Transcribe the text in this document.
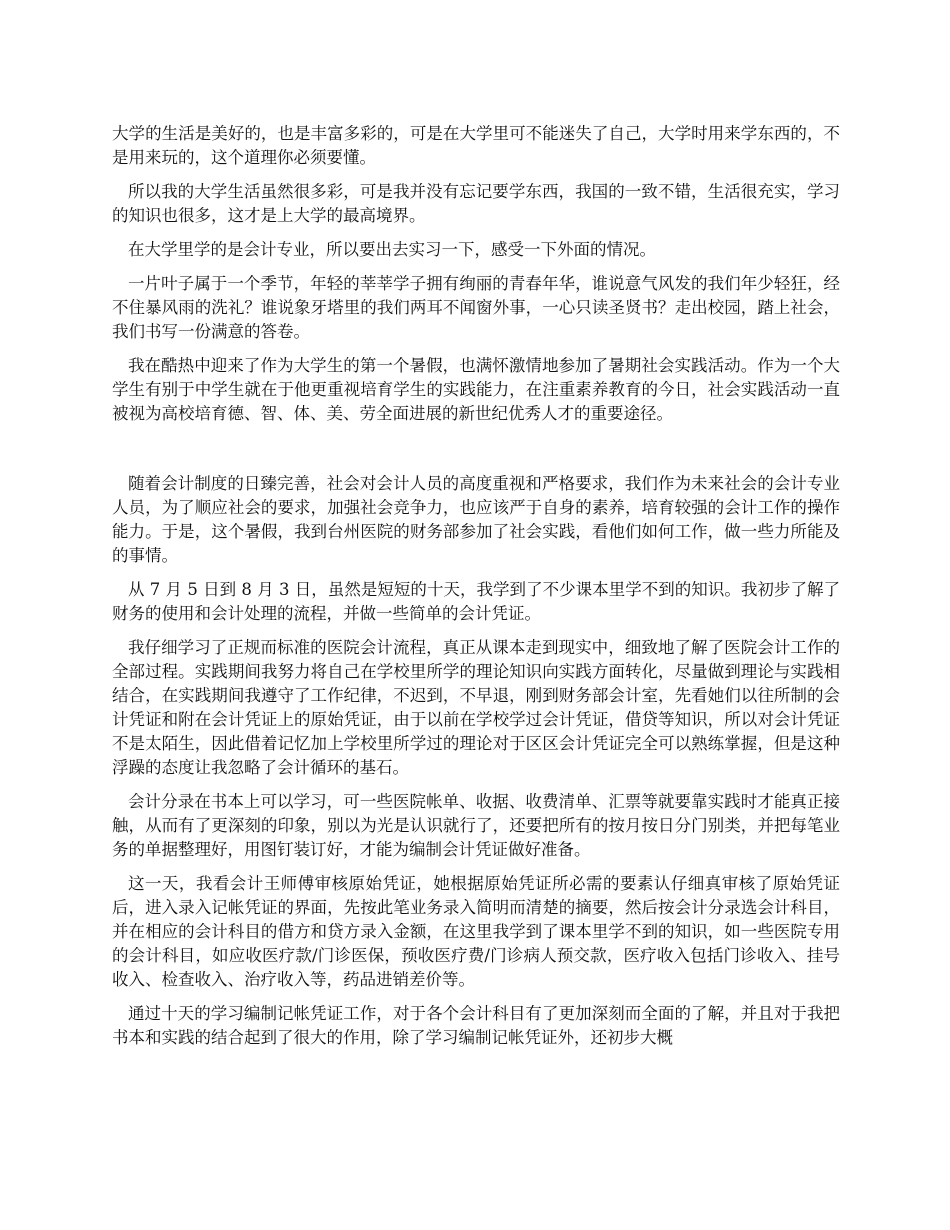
大学的生活是美好的，也是丰富多彩的，可是在大学里可不能迷失了自己，大学时用来学东西的，不是用来玩的，这个道理你必须要懂。

所以我的大学生活虽然很多彩，可是我并没有忘记要学东西，我国的一致不错，生活很充实，学习的知识也很多，这才是上大学的最高境界。

在大学里学的是会计专业，所以要出去实习一下，感受一下外面的情况。

一片叶子属于一个季节，年轻的莘莘学子拥有绚丽的青春年华，谁说意气风发的我们年少轻狂，经不住暴风雨的洗礼？谁说象牙塔里的我们两耳不闻窗外事，一心只读圣贤书？走出校园，踏上社会，我们书写一份满意的答卷。

我在酷热中迎来了作为大学生的第一个暑假，也满怀激情地参加了暑期社会实践活动。作为一个大学生有别于中学生就在于他更重视培育学生的实践能力，在注重素养教育的今日，社会实践活动一直被视为高校培育德、智、体、美、劳全面进展的新世纪优秀人才的重要途径。

随着会计制度的日臻完善，社会对会计人员的高度重视和严格要求，我们作为未来社会的会计专业人员，为了顺应社会的要求，加强社会竞争力，也应该严于自身的素养，培育较强的会计工作的操作能力。于是，这个暑假，我到台州医院的财务部参加了社会实践，看他们如何工作，做一些力所能及的事情。

从 7 月 5 日到 8 月 3 日，虽然是短短的十天，我学到了不少课本里学不到的知识。我初步了解了财务的使用和会计处理的流程，并做一些简单的会计凭证。

我仔细学习了正规而标准的医院会计流程，真正从课本走到现实中，细致地了解了医院会计工作的全部过程。实践期间我努力将自己在学校里所学的理论知识向实践方面转化，尽量做到理论与实践相结合，在实践期间我遵守了工作纪律，不迟到，不早退，刚到财务部会计室，先看她们以往所制的会计凭证和附在会计凭证上的原始凭证，由于以前在学校学过会计凭证，借贷等知识，所以对会计凭证不是太陌生，因此借着记忆加上学校里所学过的理论对于区区会计凭证完全可以熟练掌握，但是这种浮躁的态度让我忽略了会计循环的基石。

会计分录在书本上可以学习，可一些医院帐单、收据、收费清单、汇票等就要靠实践时才能真正接触，从而有了更深刻的印象，别以为光是认识就行了，还要把所有的按月按日分门别类，并把每笔业务的单据整理好，用图钉装订好，才能为编制会计凭证做好准备。

这一天，我看会计王师傅审核原始凭证，她根据原始凭证所必需的要素认仔细真审核了原始凭证后，进入录入记帐凭证的界面，先按此笔业务录入简明而清楚的摘要，然后按会计分录选会计科目，并在相应的会计科目的借方和贷方录入金额，在这里我学到了课本里学不到的知识，如一些医院专用的会计科目，如应收医疗款/门诊医保，预收医疗费/门诊病人预交款，医疗收入包括门诊收入、挂号收入、检查收入、治疗收入等，药品进销差价等。

通过十天的学习编制记帐凭证工作，对于各个会计科目有了更加深刻而全面的了解，并且对于我把书本和实践的结合起到了很大的作用，除了学习编制记帐凭证外，还初步大概
